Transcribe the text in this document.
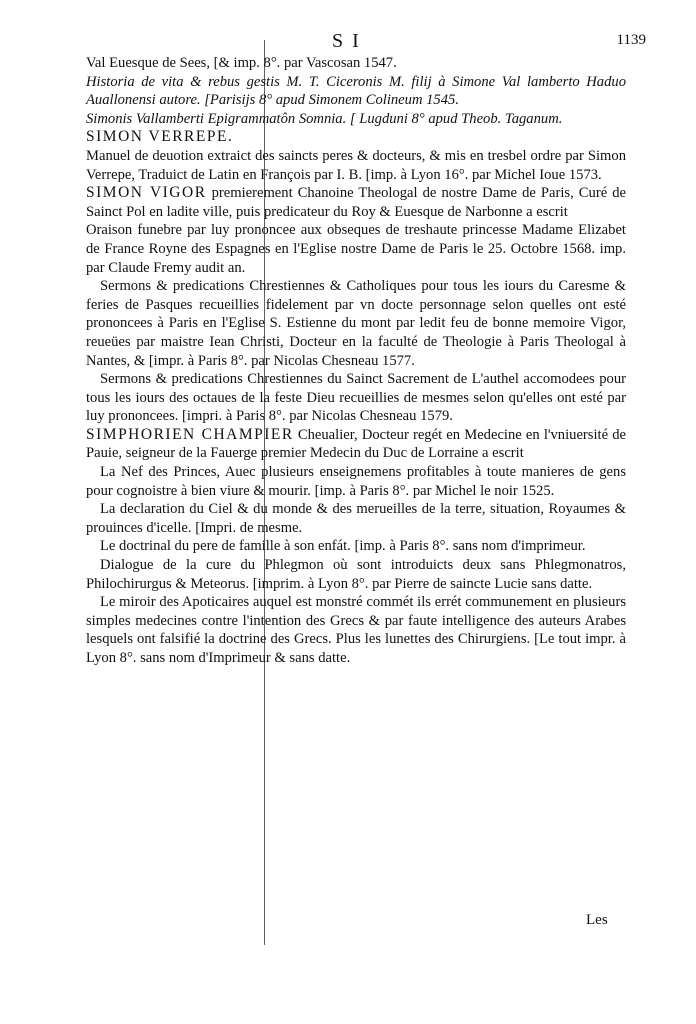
S I	1139

Val Euesque de Sees, [& imp. 8°. par Vascosan 1547.

Historia de vita & rebus gestis M. T. Ciceronis M. filij à Simone Val lamberto Haduo Auallonensi autore. [Parisijs 8° apud Simonem Colineum 1545.

Simonis Vallamberti Epigrammatôn Somnia. [ Lugduni 8° apud Theob. Taganum.

SIMON VERREPE.

Manuel de deuotion extraict des saincts peres & docteurs, & mis en tresbel ordre par Simon Verrepe, Traduict de Latin en François par I. B. [imp. à Lyon 16°. par Michel Ioue 1573.

SIMON VIGOR premierement Chanoine Theologal de nostre Dame de Paris, Curé de Sainct Pol en ladite ville, puis predicateur du Roy & Euesque de Narbonne a escrit

Oraison funebre par luy prononcee aux obseques de treshaute princesse Madame Elizabet de France Royne des Espagnes en l'Eglise nostre Dame de Paris le 25. Octobre 1568. imp. par Claude Fremy audit an.

Sermons & predications Chrestiennes & Catholiques pour tous les iours du Caresme & feries de Pasques recueillies fidelement par vn docte personnage selon quelles ont esté prononcees à Paris en l'Eglise S. Estienne du mont par ledit feu de bonne memoire Vigor, reueües par maistre Iean Christi, Docteur en la faculté de Theologie à Paris Theologal à Nantes, & [impr. à Paris 8°. par Nicolas Chesneau 1577.

Sermons & predications Chrestiennes du Sainct Sacrement de L'authel accomodees pour tous les iours des octaues de la feste Dieu recueillies de mesmes selon qu'elles ont esté par luy prononcees. [impri. à Paris 8°. par Nicolas Chesneau 1579.

SIMPHORIEN CHAMPIER Cheualier, Docteur regét en Medecine en l'vniuersité de Pauie, seigneur de la Fauerge premier Medecin du Duc de Lorraine a escrit

La Nef des Princes, Auec plusieurs enseignemens profitables à toute manieres de gens pour cognoistre à bien viure & mourir. [imp. à Paris 8°. par Michel le noir 1525.

La declaration du Ciel & du monde & des merueilles de la terre, situation, Royaumes & prouinces d'icelle. [Impri. de mesme.

Le doctrinal du pere de famille à son enfát. [imp. à Paris 8°. sans nom d'imprimeur.

Dialogue de la cure du Phlegmon où sont introduicts deux sans Phlegmonatros, Philochirurgus & Meteorus. [imprim. à Lyon 8°. par Pierre de saincte Lucie sans datte.

Le miroir des Apoticaires auquel est monstré commét ils errét communement en plusieurs simples medecines contre l'intention des Grecs & par faute intelligence des auteurs Arabes lesquels ont falsifié la doctrine des Grecs. Plus les lunettes des Chirurgiens. [Le tout impr. à Lyon 8°. sans nom d'Imprimeur & sans datte.

Les
